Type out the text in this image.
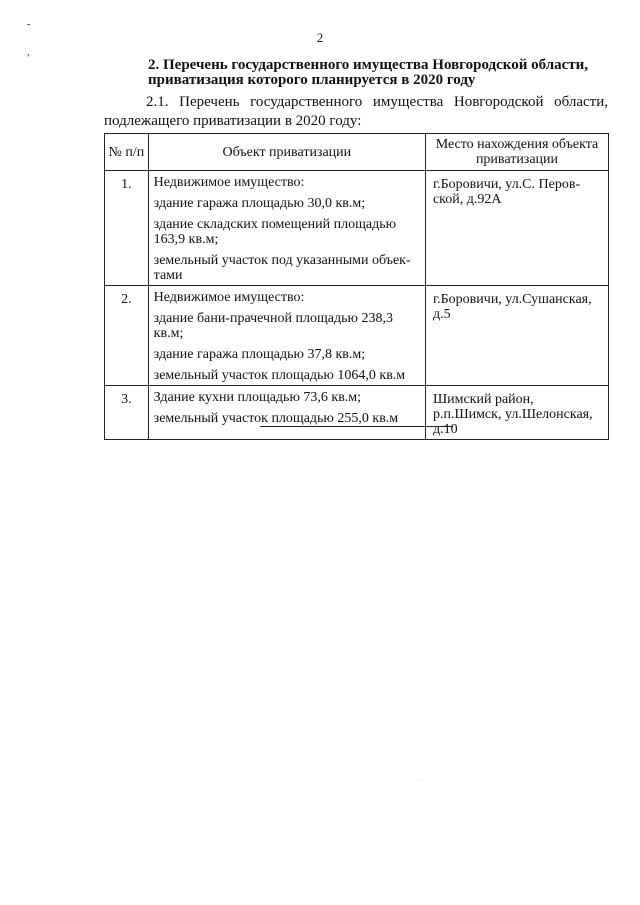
-

,
2
2. Перечень государственного имущества Новгородской области,

приватизация которого планируется в 2020 году
2.1. Перечень государственного имущества Новгородской области, подлежащего приватизации в 2020 году:
№ п/п	Объект приватизации	Место нахождения объекта приватизации
1.	Недвижимое имущество:
здание гаража площадью 30,0 кв.м;
здание складских помещений площадью 163,9 кв.м;
земельный участок под указанными объектами	г.Боровичи, ул.С. Перовской, д.92А
2.	Недвижимое имущество:
здание бани-прачечной площадью 238,3 кв.м;
здание гаража площадью 37,8 кв.м;
земельный участок площадью 1064,0 кв.м	г.Боровичи, ул.Сушанская, д.5
3.	Здание кухни площадью 73,6 кв.м;
земельный участок площадью 255,0 кв.м	Шимский район, р.п.Шимск, ул.Шелонская, д.10
